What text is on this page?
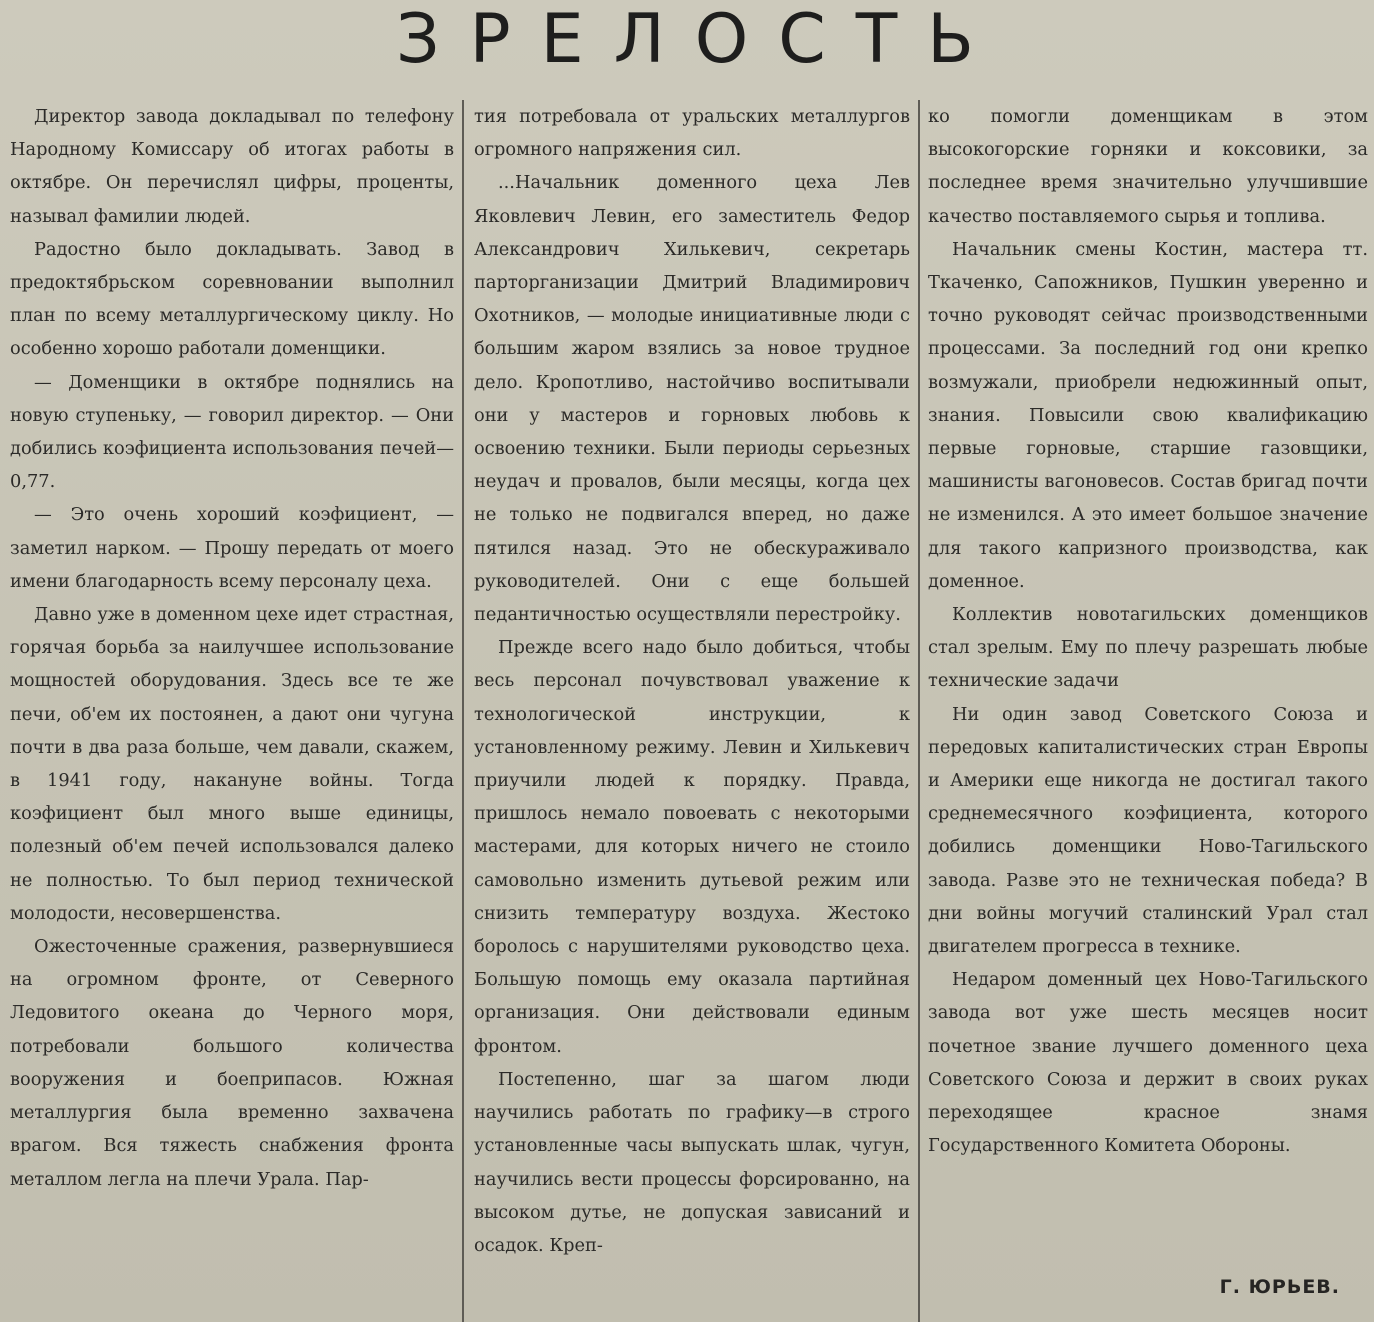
ЗРЕЛОСТЬ

Директор завода докладывал по телефону Народному Комиссару об итогах работы в октябре. Он перечислял цифры, проценты, называл фамилии людей.

Радостно было докладывать. Завод в предоктябрьском соревновании выполнил план по всему металлургическому циклу. Но особенно хорошо работали доменщики.

— Доменщики в октябре поднялись на новую ступеньку, — говорил директор. — Они добились коэфициента использования печей—0,77.

— Это очень хороший коэфициент, —заметил нарком. — Прошу передать от моего имени благодарность всему персоналу цеха.

Давно уже в доменном цехе идет страстная, горячая борьба за наилучшее использование мощностей оборудования. Здесь все те же печи, об'ем их постоянен, а дают они чугуна почти в два раза больше, чем давали, скажем, в 1941 году, накануне войны. Тогда коэфициент был много выше единицы, полезный об'ем печей использовался далеко не полностью. То был период технической молодости, несовершенства.

Ожесточенные сражения, развернувшиеся на огромном фронте, от Северного Ледовитого океана до Черного моря, потребовали большого количества вооружения и боеприпасов. Южная металлургия была временно захвачена врагом. Вся тяжесть снабжения фронта металлом легла на плечи Урала. Пар-

тия потребовала от уральских металлургов огромного напряжения сил.

...Начальник доменного цеха Лев Яковлевич Левин, его заместитель Федор Александрович Хилькевич, секретарь парторганизации Дмитрий Владимирович Охотников, — молодые инициативные люди с большим жаром взялись за новое трудное дело. Кропотливо, настойчиво воспитывали они у мастеров и горновых любовь к освоению техники. Были периоды серьезных неудач и провалов, были месяцы, когда цех не только не подвигался вперед, но даже пятился назад. Это не обескураживало руководителей. Они с еще большей педантичностью осуществляли перестройку.

Прежде всего надо было добиться, чтобы весь персонал почувствовал уважение к технологической инструкции, к установленному режиму. Левин и Хилькевич приучили людей к порядку. Правда, пришлось немало повоевать с некоторыми мастерами, для которых ничего не стоило самовольно изменить дутьевой режим или снизить температуру воздуха. Жестоко боролось с нарушителями руководство цеха. Большую помощь ему оказала партийная организация. Они действовали единым фронтом.

Постепенно, шаг за шагом люди научились работать по графику—в строго установленные часы выпускать шлак, чугун, научились вести процессы форсированно, на высоком дутье, не допуская зависаний и осадок. Креп-

ко помогли доменщикам в этом высокогорские горняки и коксовики, за последнее время значительно улучшившие качество поставляемого сырья и топлива.

Начальник смены Костин, мастера тт. Ткаченко, Сапожников, Пушкин уверенно и точно руководят сейчас производственными процессами. За последний год они крепко возмужали, приобрели недюжинный опыт, знания. Повысили свою квалификацию первые горновые, старшие газовщики, машинисты вагоновесов. Состав бригад почти не изменился. А это имеет большое значение для такого капризного производства, как доменное.

Коллектив новотагильских доменщиков стал зрелым. Ему по плечу разрешать любые технические задачи

Ни один завод Советского Союза и передовых капиталистических стран Европы и Америки еще никогда не достигал такого среднемесячного коэфициента, которого добились доменщики Ново-Тагильского завода. Разве это не техническая победа? В дни войны могучий сталинский Урал стал двигателем прогресса в технике.

Недаром доменный цех Ново-Тагильского завода вот уже шесть месяцев носит почетное звание лучшего доменного цеха Советского Союза и держит в своих руках переходящее красное знамя Государственного Комитета Обороны.

Г. ЮРЬЕВ.
